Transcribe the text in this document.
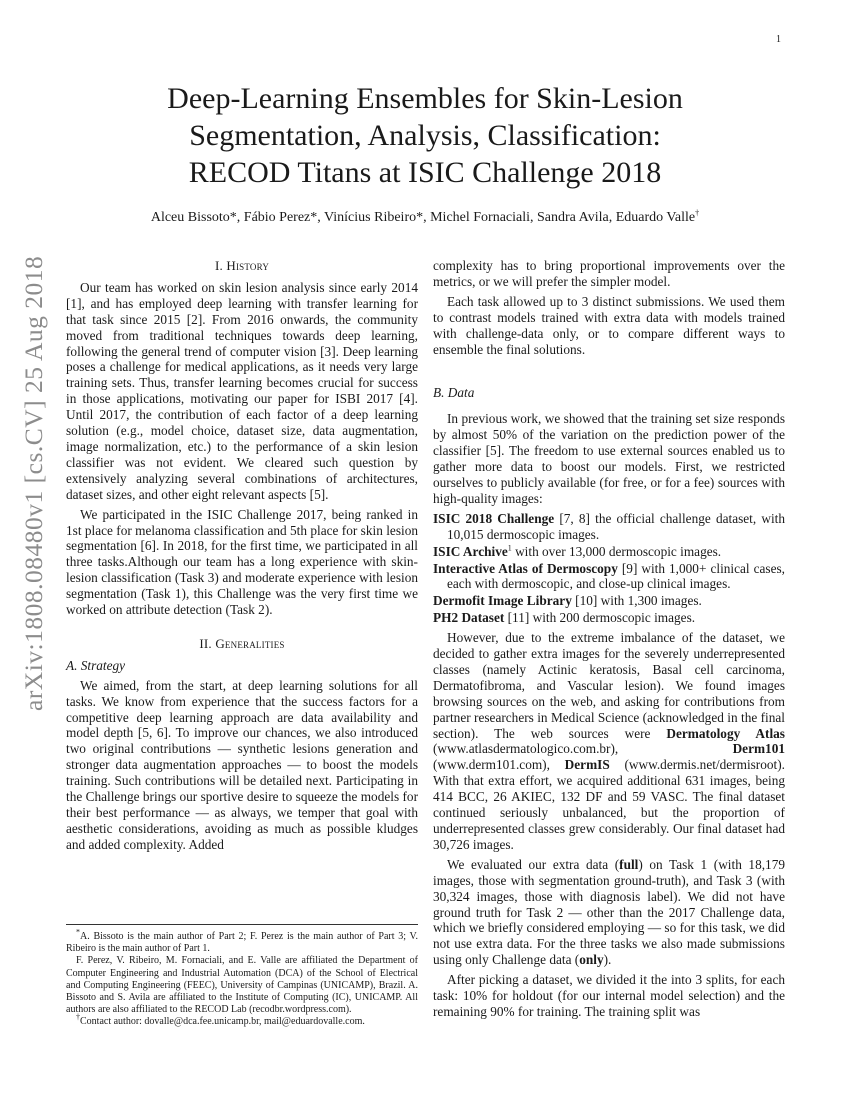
1
arXiv:1808.08480v1 [cs.CV] 25 Aug 2018
Deep-Learning Ensembles for Skin-Lesion
Segmentation, Analysis, Classification:
RECOD Titans at ISIC Challenge 2018
Alceu Bissoto*, Fábio Perez*, Vinícius Ribeiro*, Michel Fornaciali, Sandra Avila, Eduardo Valle†
I. History

Our team has worked on skin lesion analysis since early 2014 [1], and has employed deep learning with transfer learning for that task since 2015 [2]. From 2016 onwards, the community moved from traditional techniques towards deep learning, following the general trend of computer vision [3]. Deep learning poses a challenge for medical applications, as it needs very large training sets. Thus, transfer learning becomes crucial for success in those applications, motivating our paper for ISBI 2017 [4]. Until 2017, the contribution of each factor of a deep learning solution (e.g., model choice, dataset size, data augmentation, image normalization, etc.) to the performance of a skin lesion classifier was not evident. We cleared such question by extensively analyzing several combinations of architectures, dataset sizes, and other eight relevant aspects [5].

We participated in the ISIC Challenge 2017, being ranked in 1st place for melanoma classification and 5th place for skin lesion segmentation [6]. In 2018, for the first time, we participated in all three tasks.Although our team has a long experience with skin-lesion classification (Task 3) and moderate experience with lesion segmentation (Task 1), this Challenge was the very first time we worked on attribute detection (Task 2).

II. Generalities
A. Strategy

We aimed, from the start, at deep learning solutions for all tasks. We know from experience that the success factors for a competitive deep learning approach are data availability and model depth [5, 6]. To improve our chances, we also introduced two original contributions — synthetic lesions generation and stronger data augmentation approaches — to boost the models training. Such contributions will be detailed next. Participating in the Challenge brings our sportive desire to squeeze the models for their best performance — as always, we temper that goal with aesthetic considerations, avoiding as much as possible kludges and added complexity. Added

*A. Bissoto is the main author of Part 2; F. Perez is the main author of Part 3; V. Ribeiro is the main author of Part 1.

F. Perez, V. Ribeiro, M. Fornaciali, and E. Valle are affiliated the Department of Computer Engineering and Industrial Automation (DCA) of the School of Electrical and Computing Engineering (FEEC), University of Campinas (UNICAMP), Brazil. A. Bissoto and S. Avila are affiliated to the Institute of Computing (IC), UNICAMP. All authors are also affiliated to the RECOD Lab (recodbr.wordpress.com).

†Contact author: dovalle@dca.fee.unicamp.br, mail@eduardovalle.com.

complexity has to bring proportional improvements over the metrics, or we will prefer the simpler model.

Each task allowed up to 3 distinct submissions. We used them to contrast models trained with extra data with models trained with challenge-data only, or to compare different ways to ensemble the final solutions.

B. Data

In previous work, we showed that the training set size responds by almost 50% of the variation on the prediction power of the classifier [5]. The freedom to use external sources enabled us to gather more data to boost our models. First, we restricted ourselves to publicly available (for free, or for a fee) sources with high-quality images:

ISIC 2018 Challenge [7, 8] the official challenge dataset, with 10,015 dermoscopic images.

ISIC Archive$^1$ with over 13,000 dermoscopic images.

Interactive Atlas of Dermoscopy [9] with 1,000+ clinical cases, each with dermoscopic, and close-up clinical images.

Dermofit Image Library [10] with 1,300 images.

PH2 Dataset [11] with 200 dermoscopic images.

However, due to the extreme imbalance of the dataset, we decided to gather extra images for the severely underrepresented classes (namely Actinic keratosis, Basal cell carcinoma, Dermatofibroma, and Vascular lesion). We found images browsing sources on the web, and asking for contributions from partner researchers in Medical Science (acknowledged in the final section). The web sources were Dermatology Atlas (www.atlasdermatologico.com.br), Derm101 (www.derm101.com), DermIS (www.dermis.net/dermisroot). With that extra effort, we acquired additional 631 images, being 414 BCC, 26 AKIEC, 132 DF and 59 VASC. The final dataset continued seriously unbalanced, but the proportion of underrepresented classes grew considerably. Our final dataset had 30,726 images.

We evaluated our extra data (full) on Task 1 (with 18,179 images, those with segmentation ground-truth), and Task 3 (with 30,324 images, those with diagnosis label). We did not have ground truth for Task 2 — other than the 2017 Challenge data, which we briefly considered employing — so for this task, we did not use extra data. For the three tasks we also made submissions using only Challenge data (only).

After picking a dataset, we divided it the into 3 splits, for each task: 10% for holdout (for our internal model selection) and the remaining 90% for training. The training split was
